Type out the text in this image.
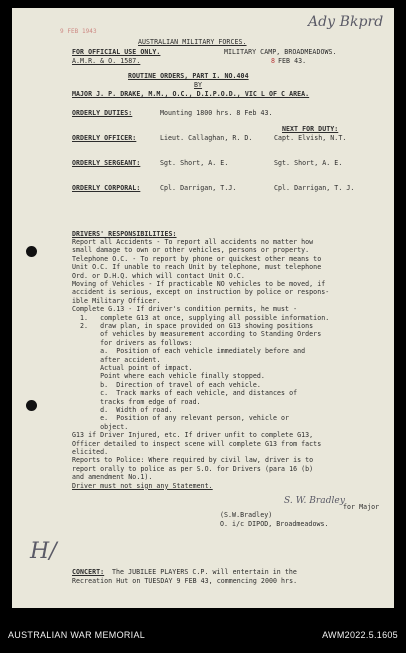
Ady Bkprd
9 FEB 1943
AUSTRALIAN MILITARY FORCES.
FOR OFFICIAL USE ONLY.
A.M.R. & O. 1587.
MILITARY CAMP, BROADMEADOWS.
8 FEB 43.
ROUTINE ORDERS, PART I. NO.404
BY
MAJOR J. P. DRAKE, M.M., O.C., D.I.P.O.D., VIC L OF C AREA.
ORDERLY DUTIES:	Mounting 1800 hrs. 8 Feb 43.
NEXT FOR DUTY:
ORDERLY OFFICER:	Lieut. Callaghan, R. D.	Capt. Elvish, N.T.
ORDERLY SERGEANT:	Sgt. Short, A. E.	Sgt. Short, A. E.
ORDERLY CORPORAL:	Cpl. Darrigan, T.J.	Cpl. Darrigan, T. J.
DRIVERS' RESPONSIBILITIES:
Report all Accidents - To report all accidents no matter how
small damage to own or other vehicles, persons or property.
Telephone O.C. - To report by phone or quickest other means to
Unit O.C. If unable to reach Unit by telephone, must telephone
Ord. or D.H.Q. which will contact Unit O.C.
Moving of Vehicles - If practicable NO vehicles to be moved, if
accident is serious, except on instruction by police or respons-
ible Military Officer.
Complete G.13 - If driver's condition permits, he must -
1.   complete G13 at once, supplying all possible information.
2.   draw plan, in space provided on G13 showing positions
of vehicles by measurement according to Standing Orders
for drivers as follows:
a.  Position of each vehicle immediately before and
after accident.
Actual point of impact.
Point where each vehicle finally stopped.
b.  Direction of travel of each vehicle.
c.  Track marks of each vehicle, and distances of
tracks from edge of road.
d.  Width of road.
e.  Position of any relevant person, vehicle or
object.
G13 if Driver Injured, etc. If driver unfit to complete G13,
Officer detailed to inspect scene will complete G13 from facts
elicited.
Reports to Police: Where required by civil law, driver is to
report orally to police as per S.O. for Drivers (para 16 (b)
and amendment No.1).
Driver must not sign any Statement.
S. W. Bradley
for Major
(S.W.Bradley)
O. i/c DIPOD, Broadmeadows.
H/
CONCERT: The JUBILEE PLAYERS C.P. will entertain in the
Recreation Hut on TUESDAY 9 FEB 43, commencing 2000 hrs.
AUSTRALIAN WAR MEMORIAL	AWM2022.5.1605
